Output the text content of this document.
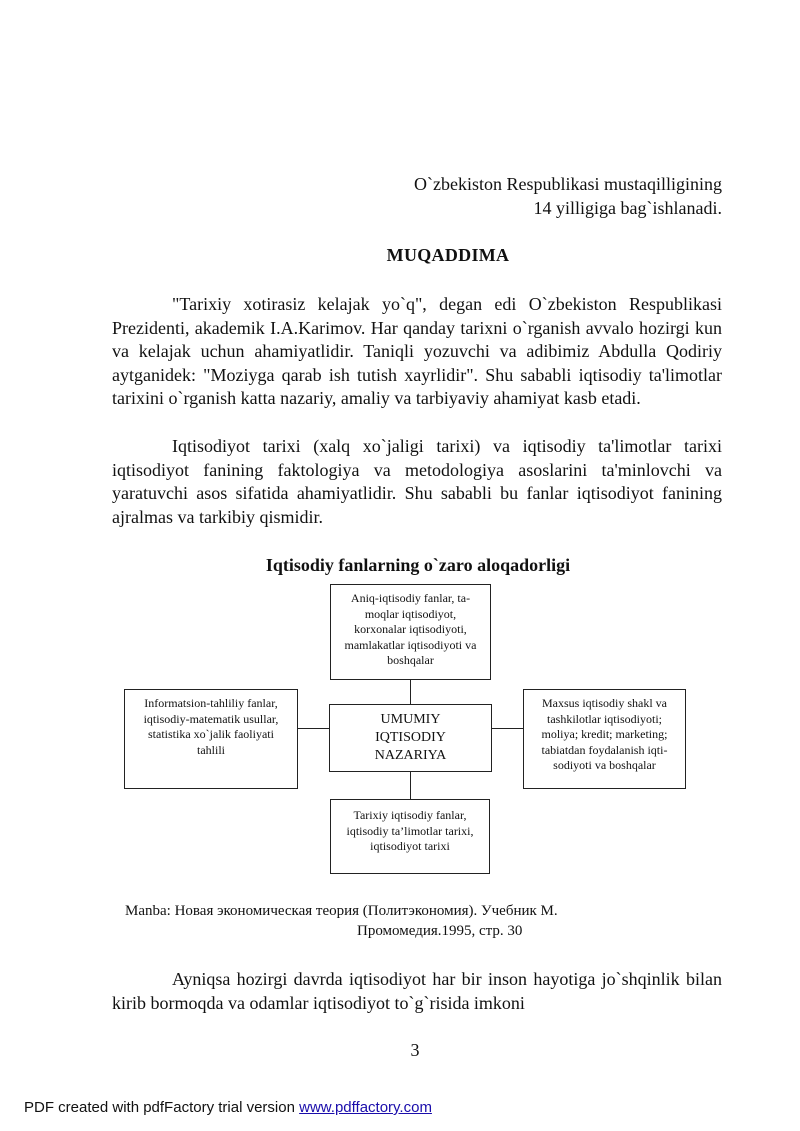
O`zbekiston Respublikasi mustaqilligining
14 yilligiga bag`ishlanadi.
MUQADDIMA

"Tarixiy xotirasiz kelajak yo`q", degan edi O`zbekiston Respublikasi Prezidenti, akademik I.A.Karimov. Har qanday tarixni o`rganish avvalo hozirgi kun va kelajak uchun ahamiyatlidir. Taniqli yozuvchi va adibimiz Abdulla Qodiriy aytganidek: "Moziyga qarab ish tutish xayrlidir". Shu sababli iqtisodiy ta'limotlar tarixini o`rganish katta nazariy, amaliy va tarbiyaviy ahamiyat kasb etadi.

Iqtisodiyot tarixi (xalq xo`jaligi tarixi) va iqtisodiy ta'limotlar tarixi iqtisodiyot fanining faktologiya va metodologiya asoslarini ta'minlovchi va yaratuvchi asos sifatida ahamiyatlidir. Shu sababli bu fanlar iqtisodiyot fanining ajralmas va tarkibiy qismidir.

Iqtisodiy fanlarning o`zaro aloqadorligi
Aniq-iqtisodiy fanlar, ta-
moqlar iqtisodiyot,
korxonalar iqtisodiyoti,
mamlakatlar iqtisodiyoti va
boshqalar
UMUMIY
IQTISODIY
NAZARIYA
Informatsion-tahliliy fanlar,
iqtisodiy-matematik usullar,
statistika xo`jalik faoliyati
tahlili
Maxsus iqtisodiy shakl va
tashkilotlar iqtisodiyoti;
moliya; kredit; marketing;
tabiatdan foydalanish iqti-
sodiyoti va boshqalar
Tarixiy iqtisodiy fanlar,
iqtisodiy ta’limotlar tarixi,
iqtisodiyot tarixi
Manba: Новая экономическая теория (Политэкономия). Учебник М.
Промомедия.1995, стр. 30

Ayniqsa hozirgi davrda iqtisodiyot har bir inson hayotiga jo`shqinlik bilan kirib bormoqda va odamlar iqtisodiyot to`g`risida imkoni

3
PDF created with pdfFactory trial version www.pdffactory.com
